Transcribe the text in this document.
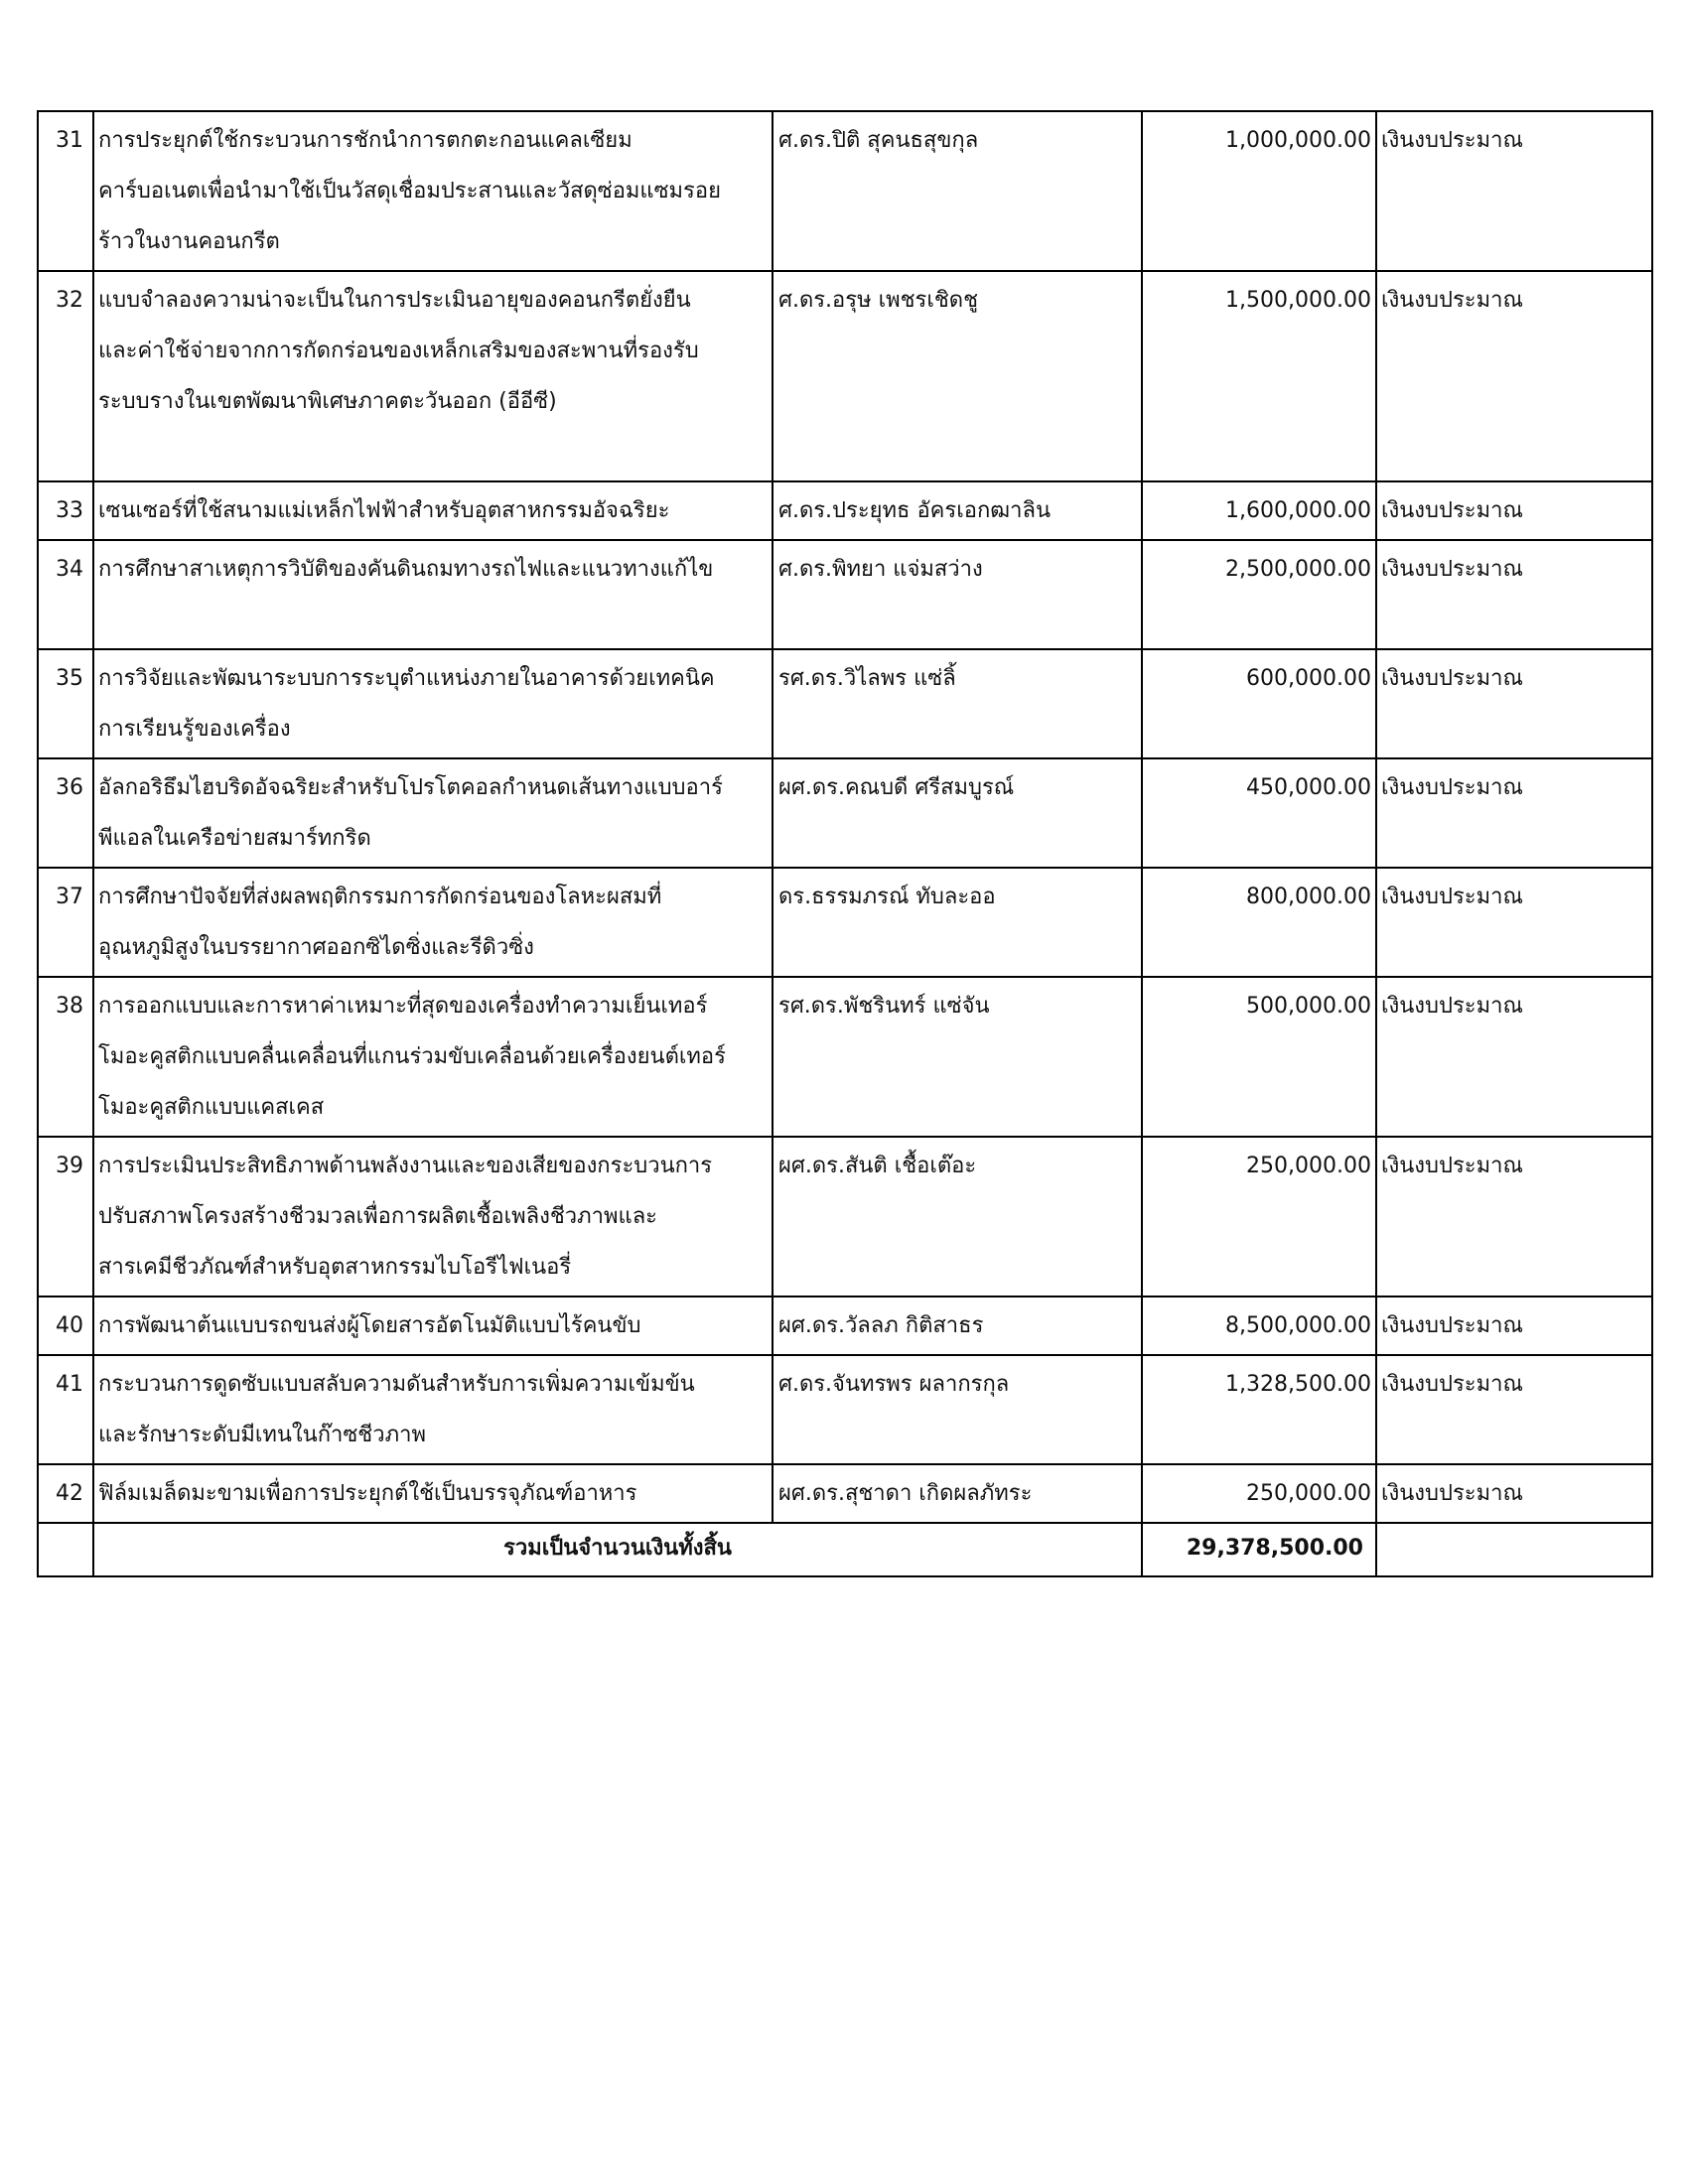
31	การประยุกต์ใช้กระบวนการชักนำการตกตะกอนแคลเซียม
คาร์บอเนตเพื่อนำมาใช้เป็นวัสดุเชื่อมประสานและวัสดุซ่อมแซมรอย
ร้าวในงานคอนกรีต	ศ.ดร.ปิติ สุคนธสุขกุล	1,000,000.00	เงินงบประมาณ
32	แบบจำลองความน่าจะเป็นในการประเมินอายุของคอนกรีตยั่งยืน
และค่าใช้จ่ายจากการกัดกร่อนของเหล็กเสริมของสะพานที่รองรับ
ระบบรางในเขตพัฒนาพิเศษภาคตะวันออก (อีอีซี)	ศ.ดร.อรุษ เพชรเชิดชู	1,500,000.00	เงินงบประมาณ
33	เซนเซอร์ที่ใช้สนามแม่เหล็กไฟฟ้าสำหรับอุตสาหกรรมอัจฉริยะ	ศ.ดร.ประยุทธ อัครเอกฒาลิน	1,600,000.00	เงินงบประมาณ
34	การศึกษาสาเหตุการวิบัติของคันดินถมทางรถไฟและแนวทางแก้ไข	ศ.ดร.พิทยา แจ่มสว่าง	2,500,000.00	เงินงบประมาณ
35	การวิจัยและพัฒนาระบบการระบุตำแหน่งภายในอาคารด้วยเทคนิค
การเรียนรู้ของเครื่อง	รศ.ดร.วิไลพร แซ่ลิ้	600,000.00	เงินงบประมาณ
36	อัลกอริธึมไฮบริดอัจฉริยะสำหรับโปรโตคอลกำหนดเส้นทางแบบอาร์
พีแอลในเครือข่ายสมาร์ทกริด	ผศ.ดร.คณบดี ศรีสมบูรณ์	450,000.00	เงินงบประมาณ
37	การศึกษาปัจจัยที่ส่งผลพฤติกรรมการกัดกร่อนของโลหะผสมที่
อุณหภูมิสูงในบรรยากาศออกซิไดซิ่งและรีดิวซิ่ง	ดร.ธรรมภรณ์ ทับละออ	800,000.00	เงินงบประมาณ
38	การออกแบบและการหาค่าเหมาะที่สุดของเครื่องทำความเย็นเทอร์
โมอะคูสติกแบบคลื่นเคลื่อนที่แกนร่วมขับเคลื่อนด้วยเครื่องยนต์เทอร์
โมอะคูสติกแบบแคสเคส	รศ.ดร.พัชรินทร์ แซ่จัน	500,000.00	เงินงบประมาณ
39	การประเมินประสิทธิภาพด้านพลังงานและของเสียของกระบวนการ
ปรับสภาพโครงสร้างชีวมวลเพื่อการผลิตเชื้อเพลิงชีวภาพและ
สารเคมีชีวภัณฑ์สำหรับอุตสาหกรรมไบโอรีไฟเนอรี่	ผศ.ดร.สันติ เชื้อเต๊อะ	250,000.00	เงินงบประมาณ
40	การพัฒนาต้นแบบรถขนส่งผู้โดยสารอัตโนมัติแบบไร้คนขับ	ผศ.ดร.วัลลภ กิติสาธร	8,500,000.00	เงินงบประมาณ
41	กระบวนการดูดซับแบบสลับความดันสำหรับการเพิ่มความเข้มข้น
และรักษาระดับมีเทนในก๊าซชีวภาพ	ศ.ดร.จันทรพร ผลากรกุล	1,328,500.00	เงินงบประมาณ
42	ฟิล์มเมล็ดมะขามเพื่อการประยุกต์ใช้เป็นบรรจุภัณฑ์อาหาร	ผศ.ดร.สุชาดา เกิดผลภัทระ	250,000.00	เงินงบประมาณ
	รวมเป็นจำนวนเงินทั้งสิ้น		29,378,500.00	
